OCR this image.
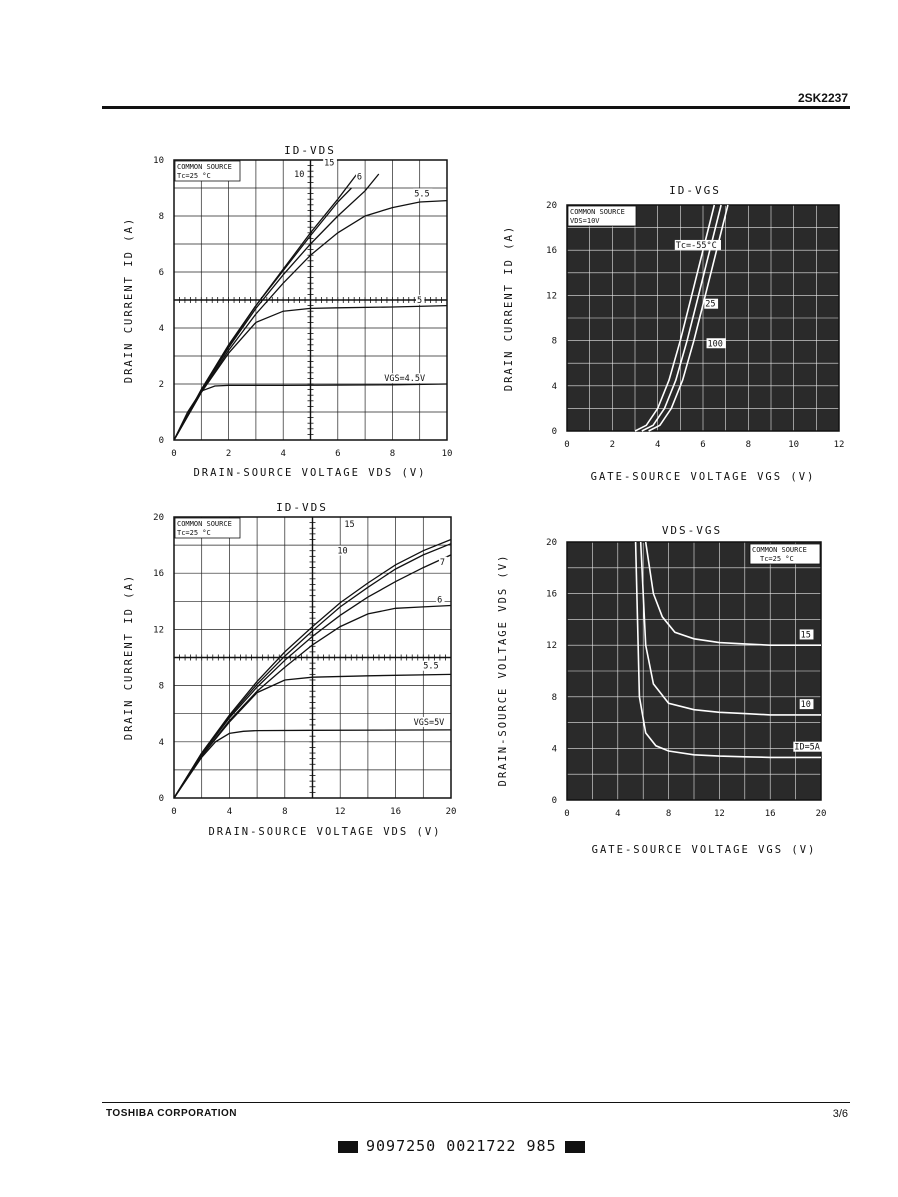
2SK2237
0	2	4	6	8	10
0
2
4
6
8
10	15
10	6
5.5
5
VGS=4.5V
ID-VDS
DRAIN-SOURCE VOLTAGE VDS (V)
DRAIN CURRENT ID (A)
COMMON SOURCE
Tc=25 °C
0	2	4	6	8	10	12
0
4
8
12
16
20
Tc=-55°C
25
100
ID-VGS
GATE-SOURCE VOLTAGE VGS (V)
DRAIN CURRENT ID (A)
COMMON SOURCE
VDS=10V
0	4	8	12	16	20
0
4
8
12
16
20
15
10
7
6
5.5
VGS=5V
ID-VDS
DRAIN-SOURCE VOLTAGE VDS (V)
DRAIN CURRENT ID (A)
COMMON SOURCE
Tc=25 °C
0	4	8	12	16	20
0
4
8
12
16
20
15
10
ID=5A
VDS-VGS
GATE-SOURCE VOLTAGE VGS (V)
DRAIN-SOURCE VOLTAGE VDS (V)
COMMON SOURCE
Tc=25 °C
TOSHIBA CORPORATION	3/6
9097250 0021722 985
